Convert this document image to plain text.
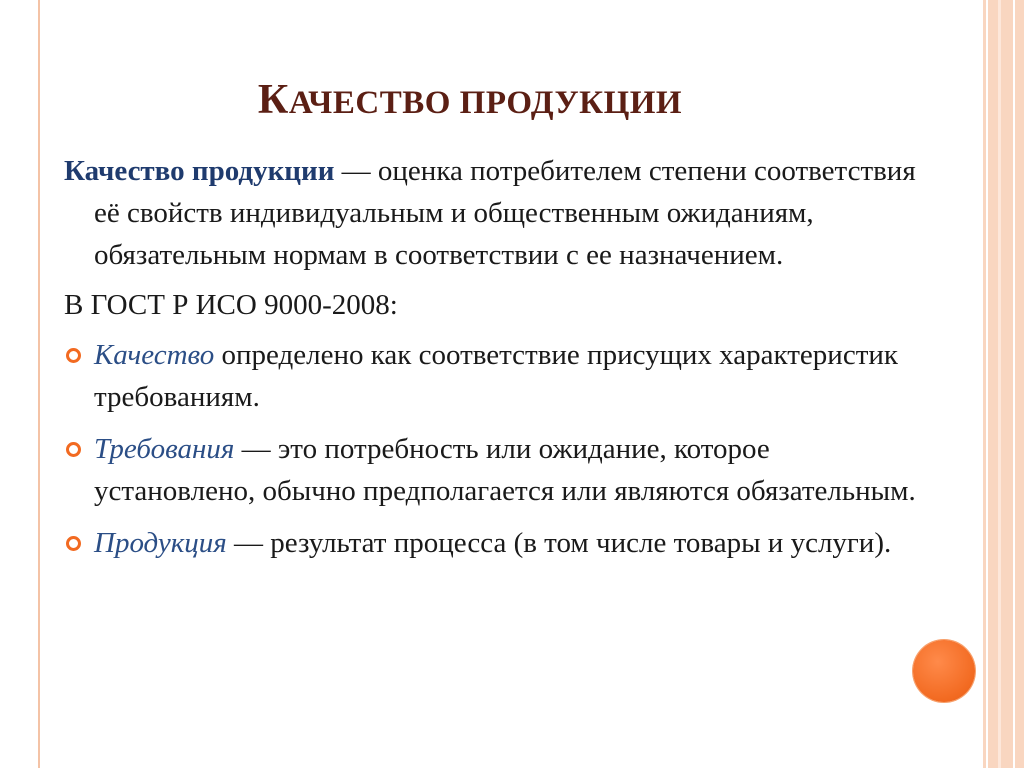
КАЧЕСТВО ПРОДУКЦИИ

Качество продукции — оценка потребителем степени соответствия её свойств индивидуальным и общественным ожиданиям, обязательным нормам в соответствии с ее назначением.

В ГОСТ Р ИСО 9000-2008:

Качество определено как соответствие присущих характеристик требованиям.
Требования — это потребность или ожидание, которое установлено, обычно предполагается или являются обязательным.
Продукция — результат процесса (в том числе товары и услуги).
